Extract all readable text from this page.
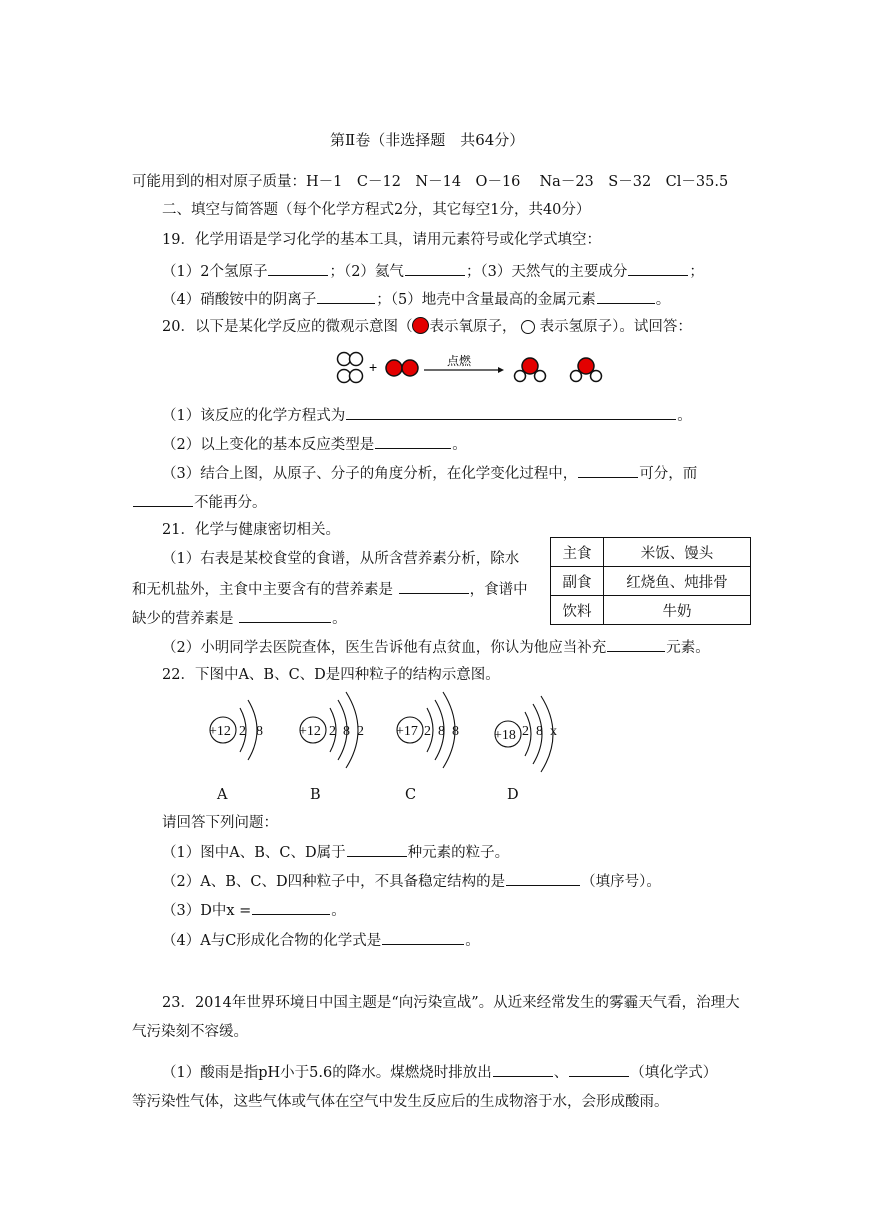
第Ⅱ卷（非选择题　共64分）
可能用到的相对原子质量：H－1　C－12　N－14　O－16　 Na－23　S－32　Cl－35.5
二、填空与简答题（每个化学方程式2分，其它每空1分，共40分）
19．化学用语是学习化学的基本工具，请用元素符号或化学式填空：
（1）2个氢原子	；（2）氦气	；（3）天然气的主要成分	；
（4）硝酸铵中的阴离子	；（5）地壳中含量最高的金属元素	。
20．以下是某化学反应的微观示意图（ 表示氧原子， 表示氢原子）。试回答：
+	点燃
（1）该反应的化学方程式为	。
（2）以上变化的基本反应类型是	。
（3）结合上图，从原子、分子的角度分析，在化学变化过程中，	可分，而
不能再分。
21．化学与健康密切相关。
（1）右表是某校食堂的食谱，从所含营养素分析，除水
和无机盐外，主食中主要含有的营养素是	，食谱中
缺少的营养素是	。
主食	米饭、馒头
副食	红烧鱼、炖排骨
饮料	牛奶
（2）小明同学去医院查体，医生告诉他有点贫血，你认为他应当补充	元素。
22．下图中A、B、C、D是四种粒子的结构示意图。
+12 2 8	+12 2 8 2 +17 2 8 8	+18 2 8 x
A	B	C	D
请回答下列问题：
（1）图中A、B、C、D属于	种元素的粒子。
（2）A、B、C、D四种粒子中，不具备稳定结构的是	（填序号）。
（3）D中x =	。
（4）A与C形成化合物的化学式是	。
23．2014年世界环境日中国主题是“向污染宣战”。从近来经常发生的雾霾天气看，治理大
气污染刻不容缓。
（1）酸雨是指pH小于5.6的降水。煤燃烧时排放出	、	（填化学式）
等污染性气体，这些气体或气体在空气中发生反应后的生成物溶于水，会形成酸雨。
